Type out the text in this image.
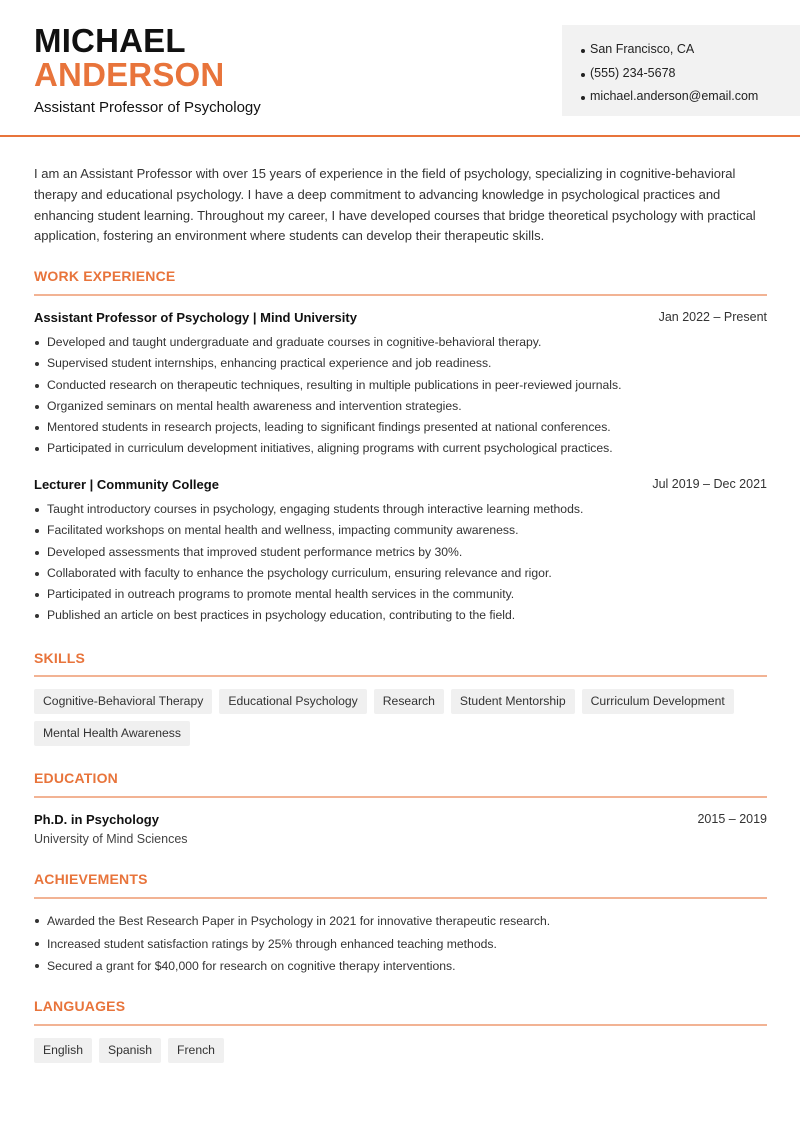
MICHAEL
ANDERSON
Assistant Professor of Psychology
San Francisco, CA
(555) 234-5678
michael.anderson@email.com

I am an Assistant Professor with over 15 years of experience in the field of psychology, specializing in cognitive-behavioral therapy and educational psychology. I have a deep commitment to advancing knowledge in psychological practices and enhancing student learning. Throughout my career, I have developed courses that bridge theoretical psychology with practical application, fostering an environment where students can develop their therapeutic skills.

WORK EXPERIENCE
Assistant Professor of Psychology | Mind University	Jan 2022 – Present
Developed and taught undergraduate and graduate courses in cognitive-behavioral therapy.
Supervised student internships, enhancing practical experience and job readiness.
Conducted research on therapeutic techniques, resulting in multiple publications in peer-reviewed journals.
Organized seminars on mental health awareness and intervention strategies.
Mentored students in research projects, leading to significant findings presented at national conferences.
Participated in curriculum development initiatives, aligning programs with current psychological practices.
Lecturer | Community College	Jul 2019 – Dec 2021
Taught introductory courses in psychology, engaging students through interactive learning methods.
Facilitated workshops on mental health and wellness, impacting community awareness.
Developed assessments that improved student performance metrics by 30%.
Collaborated with faculty to enhance the psychology curriculum, ensuring relevance and rigor.
Participated in outreach programs to promote mental health services in the community.
Published an article on best practices in psychology education, contributing to the field.
SKILLS
Cognitive-Behavioral Therapy	Educational Psychology	Research	Student Mentorship	Curriculum Development
Mental Health Awareness
EDUCATION
Ph.D. in Psychology	2015 – 2019
University of Mind Sciences
ACHIEVEMENTS
Awarded the Best Research Paper in Psychology in 2021 for innovative therapeutic research.
Increased student satisfaction ratings by 25% through enhanced teaching methods.
Secured a grant for $40,000 for research on cognitive therapy interventions.
LANGUAGES
English	Spanish	French
